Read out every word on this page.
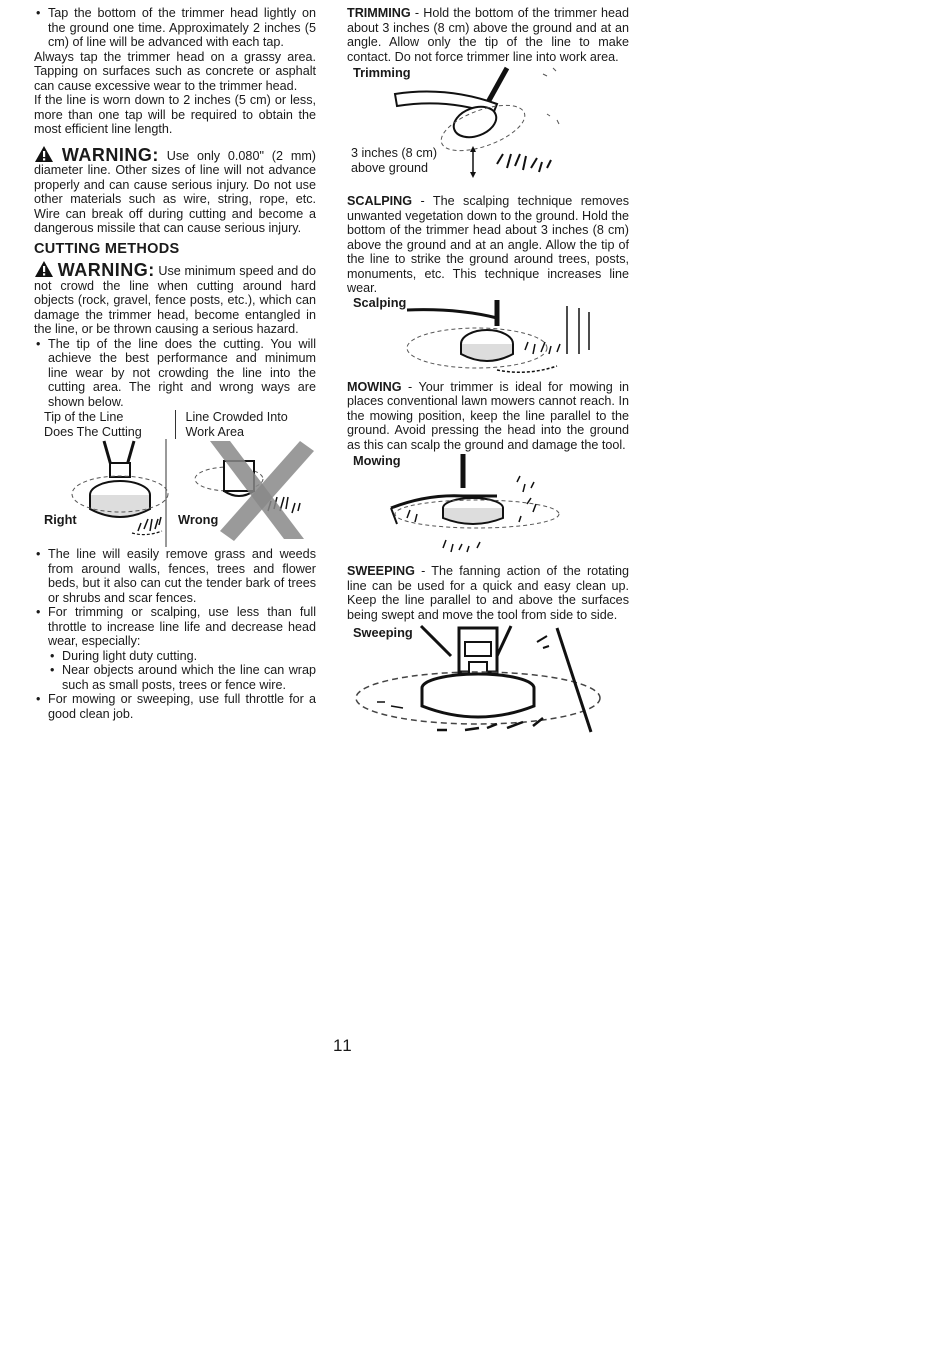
• Tap the bottom of the trimmer head lightly on the ground one time. Approximately 2 inches (5 cm) of line will be advanced with each tap.

Always tap the trimmer head on a grassy area. Tapping on surfaces such as concrete or asphalt can cause excessive wear to the trimmer head.

If the line is worn down to 2 inches (5 cm) or less, more than one tap will be required to obtain the most efficient line length.

WARNING: Use only 0.080" (2 mm) diameter line. Other sizes of line will not advance properly and can cause serious injury. Do not use other materials such as wire, string, rope, etc. Wire can break off during cutting and become a dangerous missile that can cause serious injury.

CUTTING METHODS

WARNING: Use minimum speed and do not crowd the line when cutting around hard objects (rock, gravel, fence posts, etc.), which can damage the trimmer head, become entangled in the line, or be thrown causing a serious hazard.

• The tip of the line does the cutting. You will achieve the best performance and minimum line wear by not crowding the line into the cutting area. The right and wrong ways are shown below.
Tip of the Line
Does The Cutting
Line Crowded Into
Work Area
Right	Wrong
• The line will easily remove grass and weeds from around walls, fences, trees and flower beds, but it also can cut the tender bark of trees or shrubs and scar fences.
• For trimming or scalping, use less than full throttle to increase line life and decrease head wear, especially:
• During light duty cutting.
• Near objects around which the line can wrap such as small posts, trees or fence wire.
• For mowing or sweeping, use full throttle for a good clean job.

TRIMMING - Hold the bottom of the trimmer head about 3 inches (8 cm) above the ground and at an angle. Allow only the tip of the line to make contact. Do not force trimmer line into work area.

Trimming
3 inches (8 cm)
above ground

SCALPING - The scalping technique removes unwanted vegetation down to the ground. Hold the bottom of the trimmer head about 3 inches (8 cm) above the ground and at an angle. Allow the tip of the line to strike the ground around trees, posts, monuments, etc. This technique increases line wear.

Scalping

MOWING - Your trimmer is ideal for mowing in places conventional lawn mowers cannot reach. In the mowing position, keep the line parallel to the ground. Avoid pressing the head into the ground as this can scalp the ground and damage the tool.

Mowing

SWEEPING - The fanning action of the rotating line can be used for a quick and easy clean up. Keep the line parallel to and above the surfaces being swept and move the tool from side to side.

Sweeping
11
